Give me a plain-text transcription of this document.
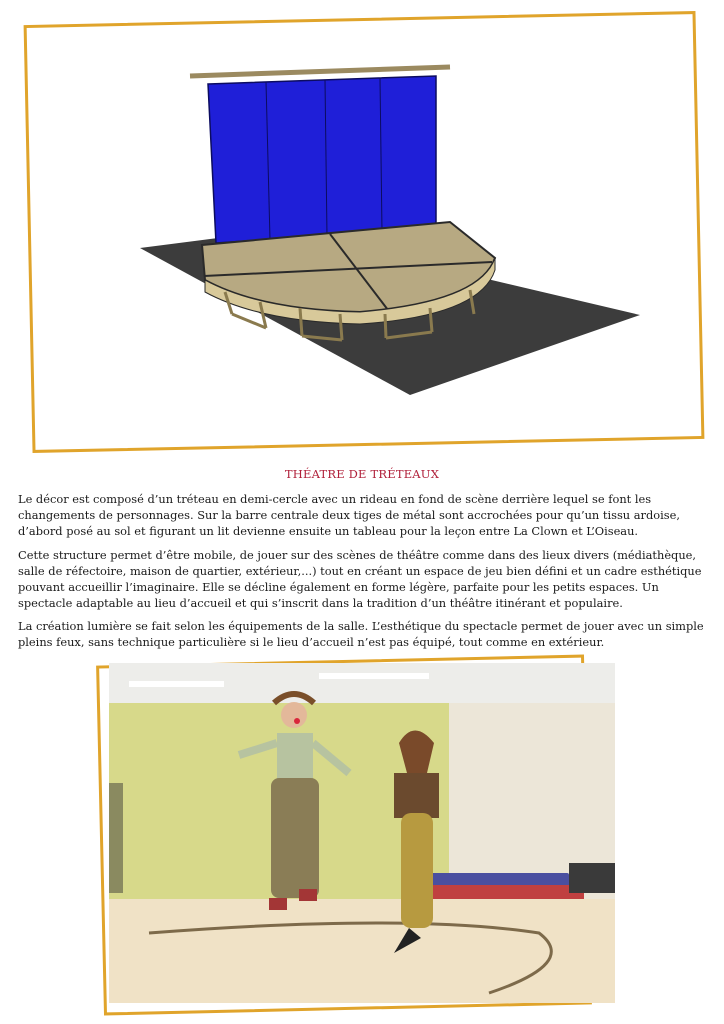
THÉATRE DE TRÉTEAUX

Le décor est composé d’un tréteau en demi-cercle avec un rideau en fond de scène derrière lequel se font les changements de personnages. Sur la barre centrale deux tiges de métal sont accrochées pour qu’un tissu ardoise, d’abord posé au sol et figurant un lit devienne ensuite un tableau pour la leçon entre La Clown et L’Oiseau.

Cette structure permet d’être mobile, de jouer sur des scènes de théâtre comme dans des lieux divers (médiathèque, salle de réfectoire, maison de quartier, extérieur,...) tout en créant un espace de jeu bien défini et un cadre esthétique pouvant accueillir l’imaginaire. Elle se décline également en forme légère, parfaite pour les petits espaces. Un spectacle adaptable au lieu d’accueil et qui s’inscrit dans la tradition d’un théâtre itinérant et populaire.

La création lumière se fait selon les équipements de la salle. L’esthétique du spectacle permet de jouer avec un simple pleins feux, sans technique particulière si le lieu d’accueil n’est pas équipé, tout comme en extérieur.
